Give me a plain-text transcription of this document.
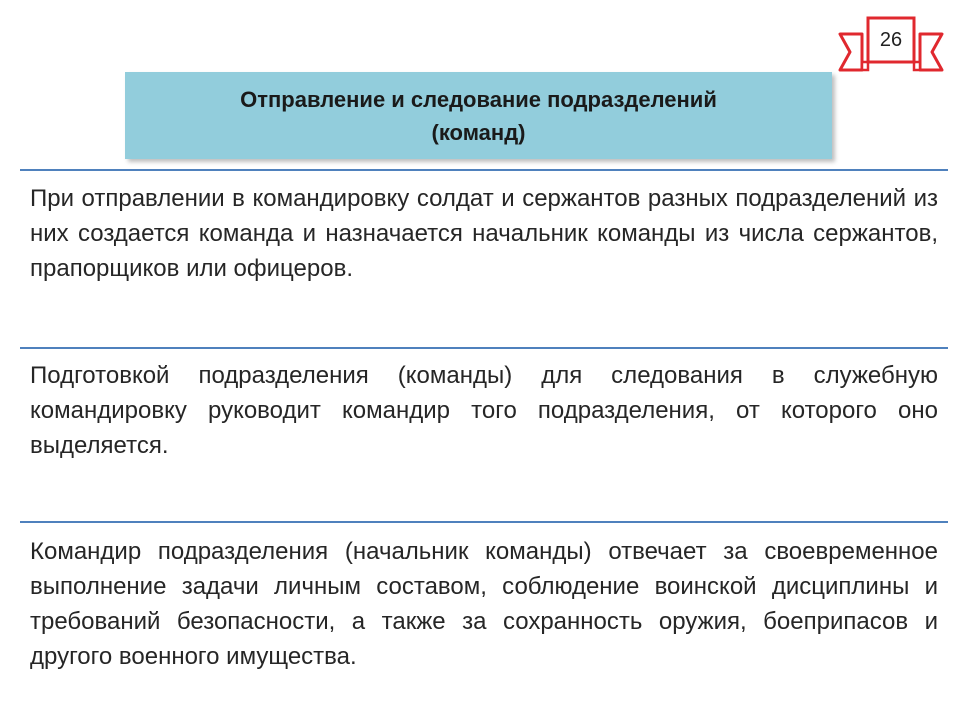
26
Отправление и следование подразделений
(команд)
При отправлении в командировку солдат и сержантов разных подразделений из них создается команда и назначается начальник команды из числа сержантов, прапорщиков или офицеров.
Подготовкой подразделения (команды) для следования в служебную командировку руководит командир того подразделения, от которого оно выделяется.
Командир подразделения (начальник команды) отвечает за своевременное выполнение задачи личным составом, соблюдение воинской дисциплины и требований безопасности, а также за сохранность оружия, боеприпасов и другого военного имущества.
